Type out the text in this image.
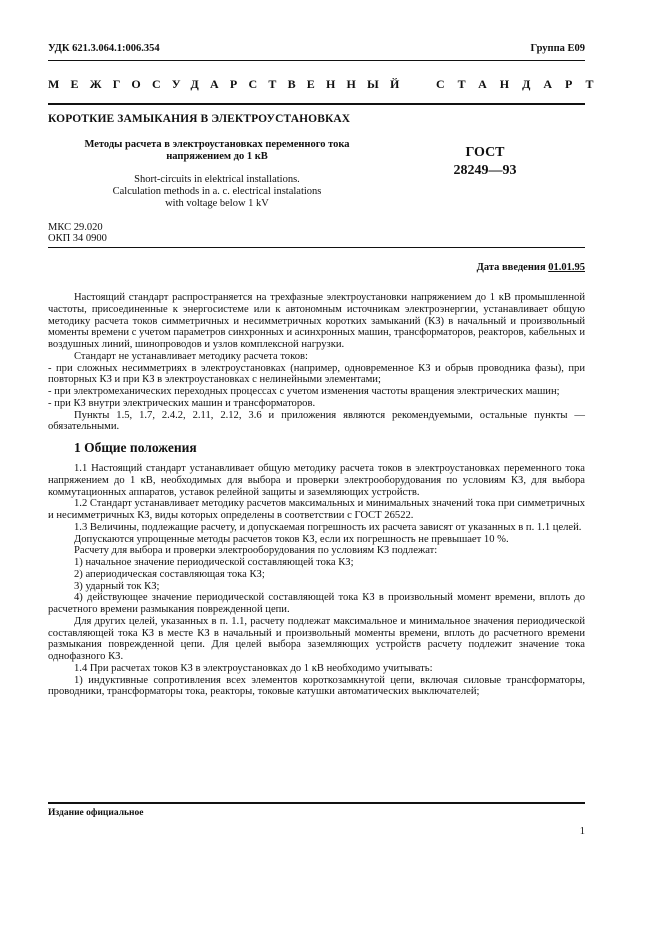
УДК 621.3.064.1:006.354	Группа Е09
МЕЖГОСУДАРСТВЕННЫЙ СТАНДАРТ
КОРОТКИЕ ЗАМЫКАНИЯ В ЭЛЕКТРОУСТАНОВКАХ
Методы расчета в электроустановках переменного тока
напряжением до 1 кВ
Short-circuits in elektrical installations.
Calculation methods in a. c. electrical instalations
with voltage below 1 kV
ГОСТ
28249—93
МКС 29.020
ОКП 34 0900
Дата введения 01.01.95

Настоящий стандарт распространяется на трехфазные электроустановки напряжением до 1 кВ промышленной частоты, присоединенные к энергосистеме или к автономным источникам электроэнергии, устанавливает общую методику расчета токов симметричных и несимметричных коротких замыканий (КЗ) в начальный и произвольный моменты времени с учетом параметров синхронных и асинхронных машин, трансформаторов, реакторов, кабельных и воздушных линий, шинопроводов и узлов комплексной нагрузки.

Стандарт не устанавливает методику расчета токов:

- при сложных несимметриях в электроустановках (например, одновременное КЗ и обрыв проводника фазы), при повторных КЗ и при КЗ в электроустановках с нелинейными элементами;

- при электромеханических переходных процессах с учетом изменения частоты вращения электрических машин;

- при КЗ внутри электрических машин и трансформаторов.

Пункты 1.5, 1.7, 2.4.2, 2.11, 2.12, 3.6 и приложения являются рекомендуемыми, остальные пункты — обязательными.

1 Общие положения

1.1 Настоящий стандарт устанавливает общую методику расчета токов в электроустановках переменного тока напряжением до 1 кВ, необходимых для выбора и проверки электрооборудования по условиям КЗ, для выбора коммутационных аппаратов, уставок релейной защиты и заземляющих устройств.

1.2 Стандарт устанавливает методику расчетов максимальных и минимальных значений тока при симметричных и несимметричных КЗ, виды которых определены в соответствии с ГОСТ 26522.

1.3 Величины, подлежащие расчету, и допускаемая погрешность их расчета зависят от указанных в п. 1.1 целей.

Допускаются упрощенные методы расчетов токов КЗ, если их погрешность не превышает 10 %.

Расчету для выбора и проверки электрооборудования по условиям КЗ подлежат:

1) начальное значение периодической составляющей тока КЗ;

2) апериодическая составляющая тока КЗ;

3) ударный ток КЗ;

4) действующее значение периодической составляющей тока КЗ в произвольный момент времени, вплоть до расчетного времени размыкания поврежденной цепи.

Для других целей, указанных в п. 1.1, расчету подлежат максимальное и минимальное значения периодической составляющей тока КЗ в месте КЗ в начальный и произвольный моменты времени, вплоть до расчетного времени размыкания поврежденной цепи. Для целей выбора заземляющих устройств расчету подлежит значение тока однофазного КЗ.

1.4 При расчетах токов КЗ в электроустановках до 1 кВ необходимо учитывать:

1) индуктивные сопротивления всех элементов короткозамкнутой цепи, включая силовые трансформаторы, проводники, трансформаторы тока, реакторы, токовые катушки автоматических выключателей;

Издание официальное
1
